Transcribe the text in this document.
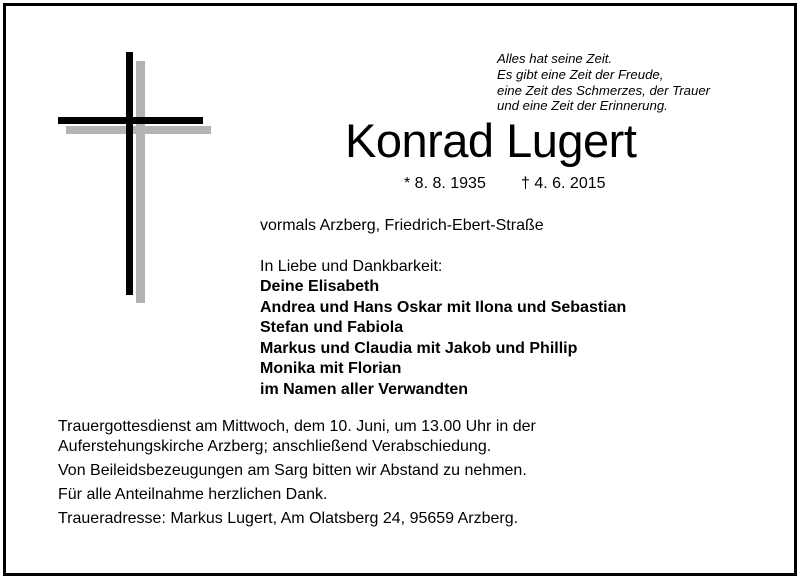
Alles hat seine Zeit.
Es gibt eine Zeit der Freude,
eine Zeit des Schmerzes, der Trauer
und eine Zeit der Erinnerung.
Konrad Lugert
* 8. 8. 1935 † 4. 6. 2015
vormals Arzberg, Friedrich-Ebert-Straße
In Liebe und Dankbarkeit:
Deine Elisabeth
Andrea und Hans Oskar mit Ilona und Sebastian
Stefan und Fabiola
Markus und Claudia mit Jakob und Phillip
Monika mit Florian
im Namen aller Verwandten
Trauergottesdienst am Mittwoch, dem 10. Juni, um 13.00 Uhr in der
Auferstehungskirche Arzberg; anschließend Verabschiedung.
Von Beileidsbezeugungen am Sarg bitten wir Abstand zu nehmen.
Für alle Anteilnahme herzlichen Dank.
Traueradresse: Markus Lugert, Am Olatsberg 24, 95659 Arzberg.
